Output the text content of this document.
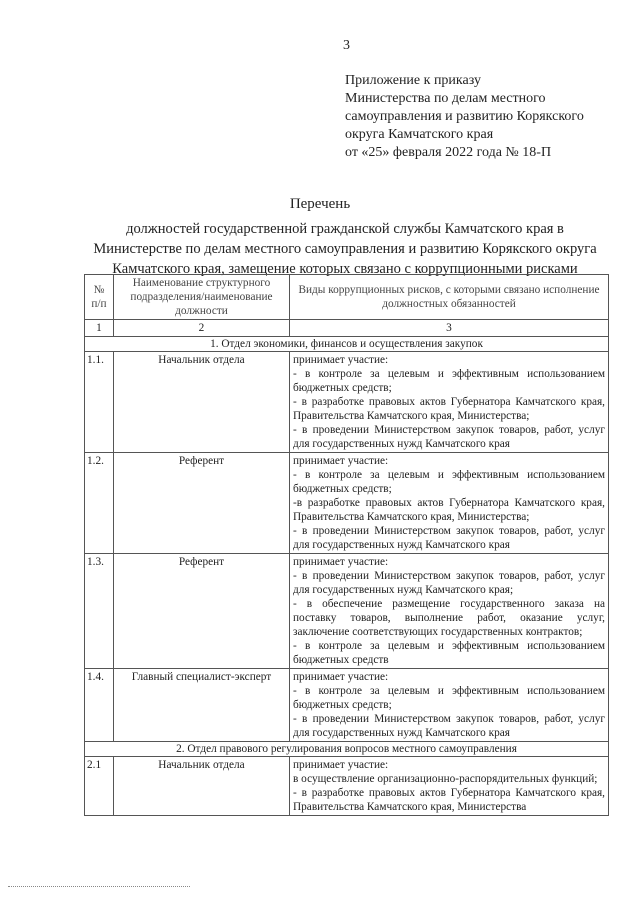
3
Приложение к приказу
Министерства по делам местного
самоуправления и развитию Корякского
округа Камчатского края
от «25» февраля 2022 года № 18-П
Перечень
должностей государственной гражданской службы Камчатского края в Министерстве по делам местного самоуправления и развитию Корякского округа Камчатского края, замещение которых связано с коррупционными рисками
№ п/п	Наименование структурного подразделения/наименование должности	Виды коррупционных рисков, с которыми связано исполнение должностных обязанностей
1	2	3
1. Отдел экономики, финансов и осуществления закупок		
1.1.	Начальник отдела	принимает участие:
- в контроле за целевым и эффективным использованием бюджетных средств;
- в разработке правовых актов Губернатора Камчатского края, Правительства Камчатского края, Министерства;
- в проведении Министерством закупок товаров, работ, услуг для государственных нужд Камчатского края

1.2.	Референт	принимает участие:
- в контроле за целевым и эффективным использованием бюджетных средств;
-в разработке правовых актов Губернатора Камчатского края, Правительства Камчатского края, Министерства;
- в проведении Министерством закупок товаров, работ, услуг для государственных нужд Камчатского края

1.3.	Референт	принимает участие:
- в проведении Министерством закупок товаров, работ, услуг для государственных нужд Камчатского края;
- в обеспечение размещение государственного заказа на поставку товаров, выполнение работ, оказание услуг, заключение соответствующих государственных контрактов;
- в контроле за целевым и эффективным использованием бюджетных средств

1.4.	Главный специалист-эксперт	принимает участие:
- в контроле за целевым и эффективным использованием бюджетных средств;
- в проведении Министерством закупок товаров, работ, услуг для государственных нужд Камчатского края

2. Отдел правового регулирования вопросов местного самоуправления		
2.1	Начальник отдела	принимает участие:
в осуществление организационно-распорядительных функций;
- в разработке правовых актов Губернатора Камчатского края, Правительства Камчатского края, Министерства
